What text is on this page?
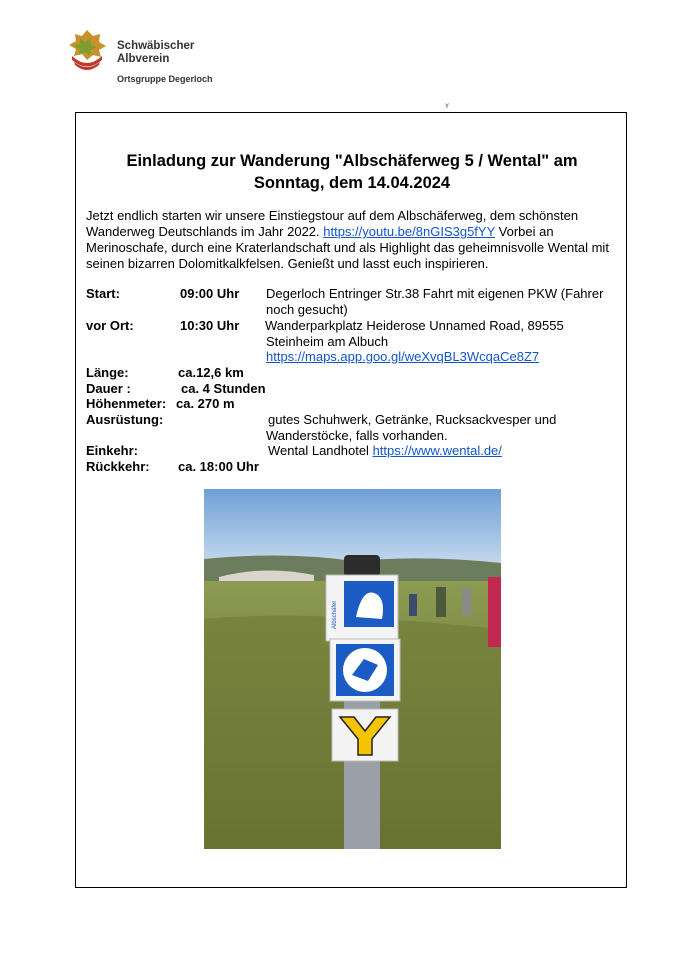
Schwäbischer
Albverein
Ortsgruppe Degerloch
Y
Einladung zur Wanderung "Albschäferweg 5 / Wental" am
Sonntag, dem 14.04.2024
Jetzt endlich starten wir unsere Einstiegstour auf dem Albschäferweg, dem schönsten Wanderweg Deutschlands im Jahr 2022. https://youtu.be/8nGIS3g5fYY Vorbei an Merinoschafe, durch eine Kraterlandschaft und als Highlight das geheimnisvolle Wental mit seinen bizarren Dolomitkalkfelsen. Genießt und lasst euch inspirieren.
Start:	09:00 Uhr Degerloch Entringer Str.38 Fahrt mit eigenen PKW (Fahrer noch gesucht)
vor Ort:	10:30 Uhr Wanderparkplatz Heiderose Unnamed Road, 89555
Steinheim am Albuch
https://maps.app.goo.gl/weXvqBL3WcqaCe8Z7
Länge:	ca.12,6 km
Dauer :	ca. 4 Stunden
Höhenmeter: ca. 270 m
Ausrüstung:	gutes Schuhwerk, Getränke, Rucksackvesper und
Wanderstöcke, falls vorhanden.
Einkehr:	Wental Landhotel https://www.wental.de/
Rückkehr: ca. 18:00 Uhr
Albschäfer
